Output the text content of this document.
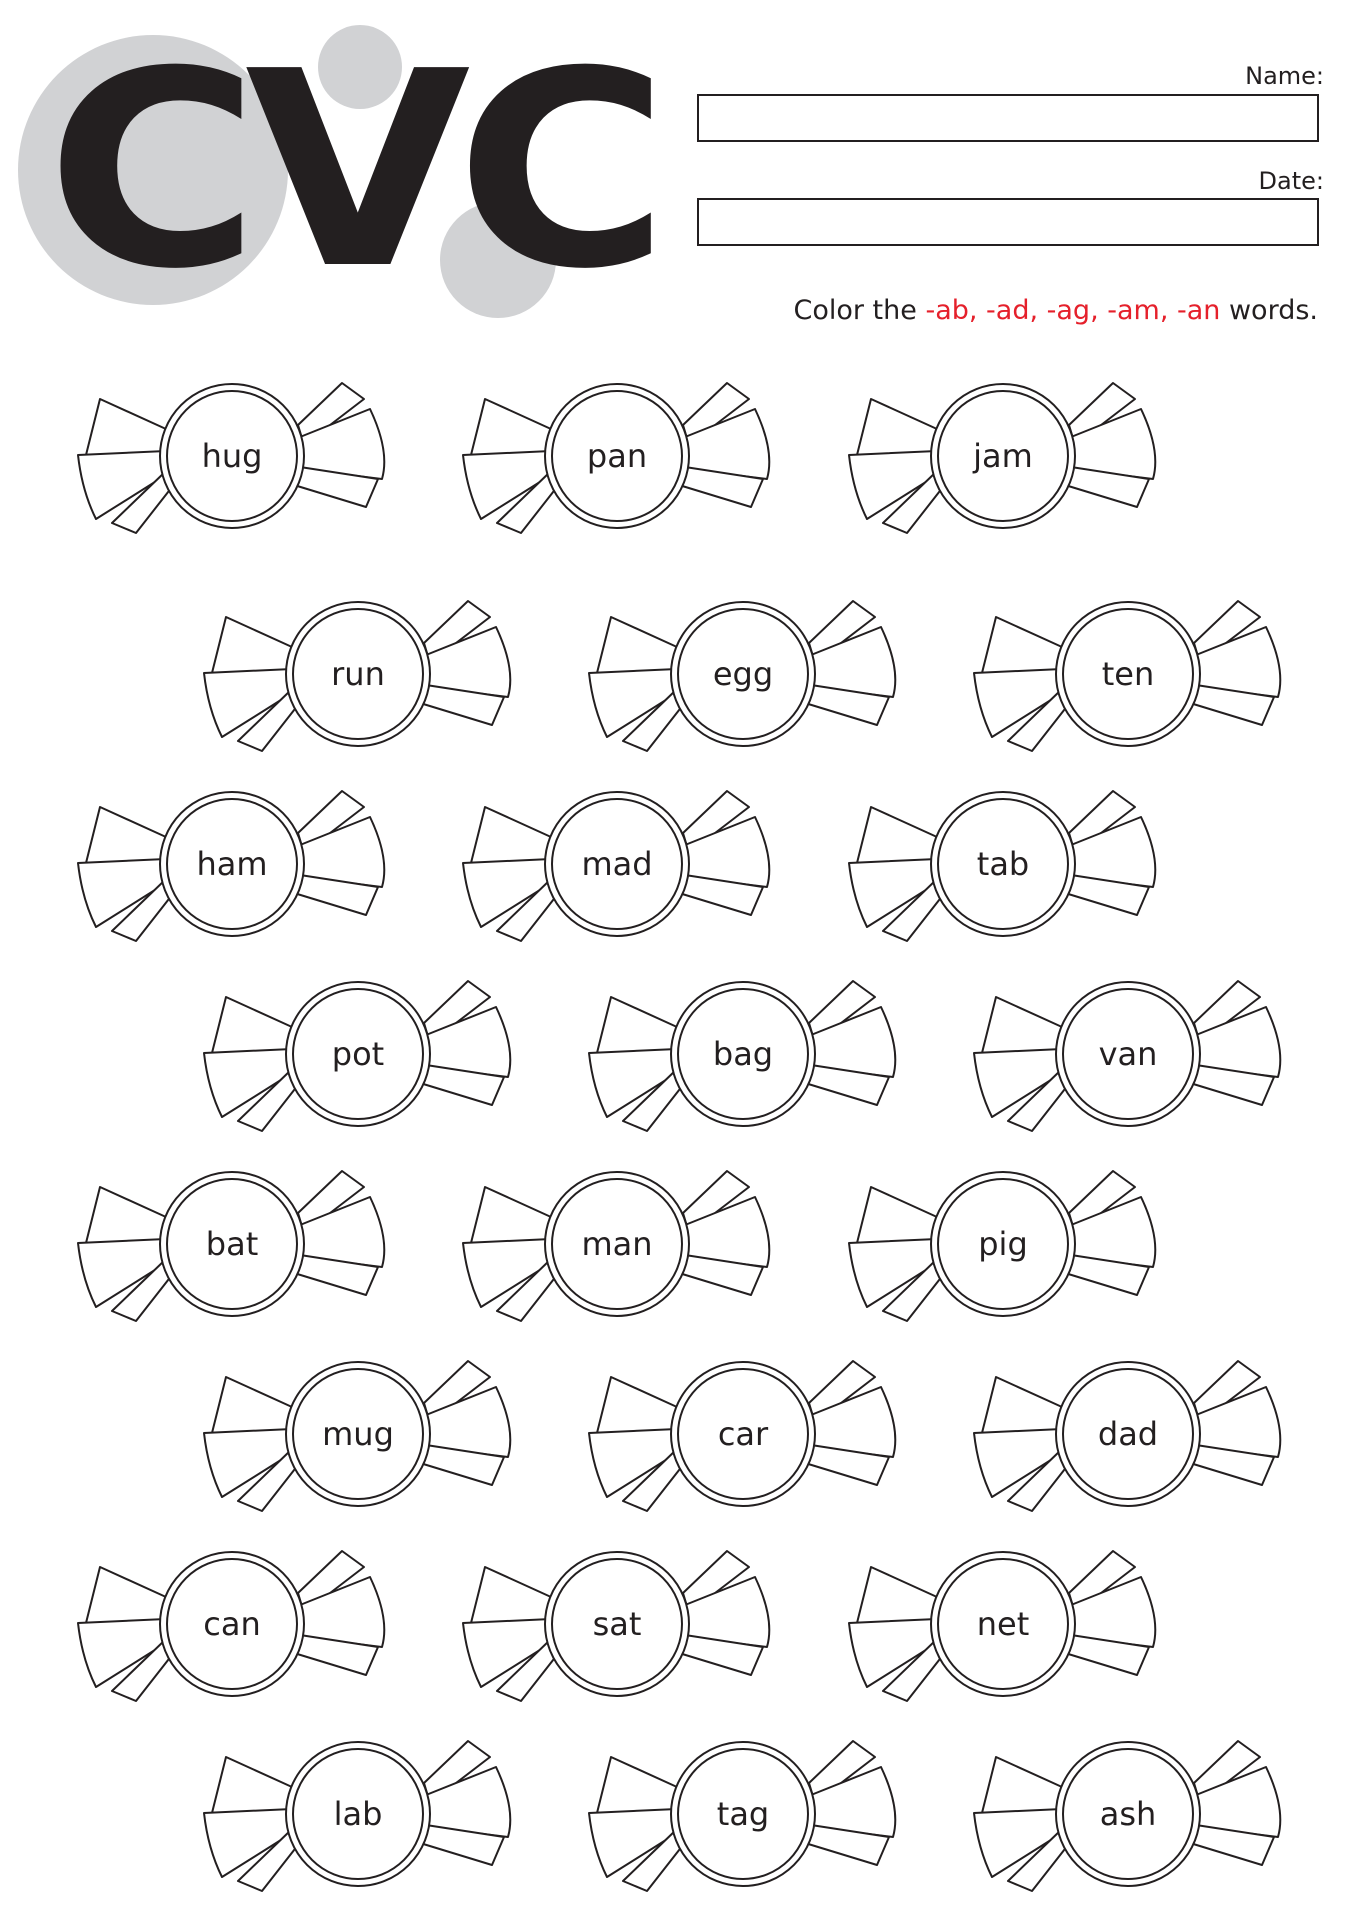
CVC	Name:
Date:
Color the -ab, -ad, -ag, -am, -an words.
hug	pan	jam
run	egg	ten
ham	mad	tab
pot	bag	van
bat	man	pig
mug	car	dad
can	sat	net
lab	tag	ash
